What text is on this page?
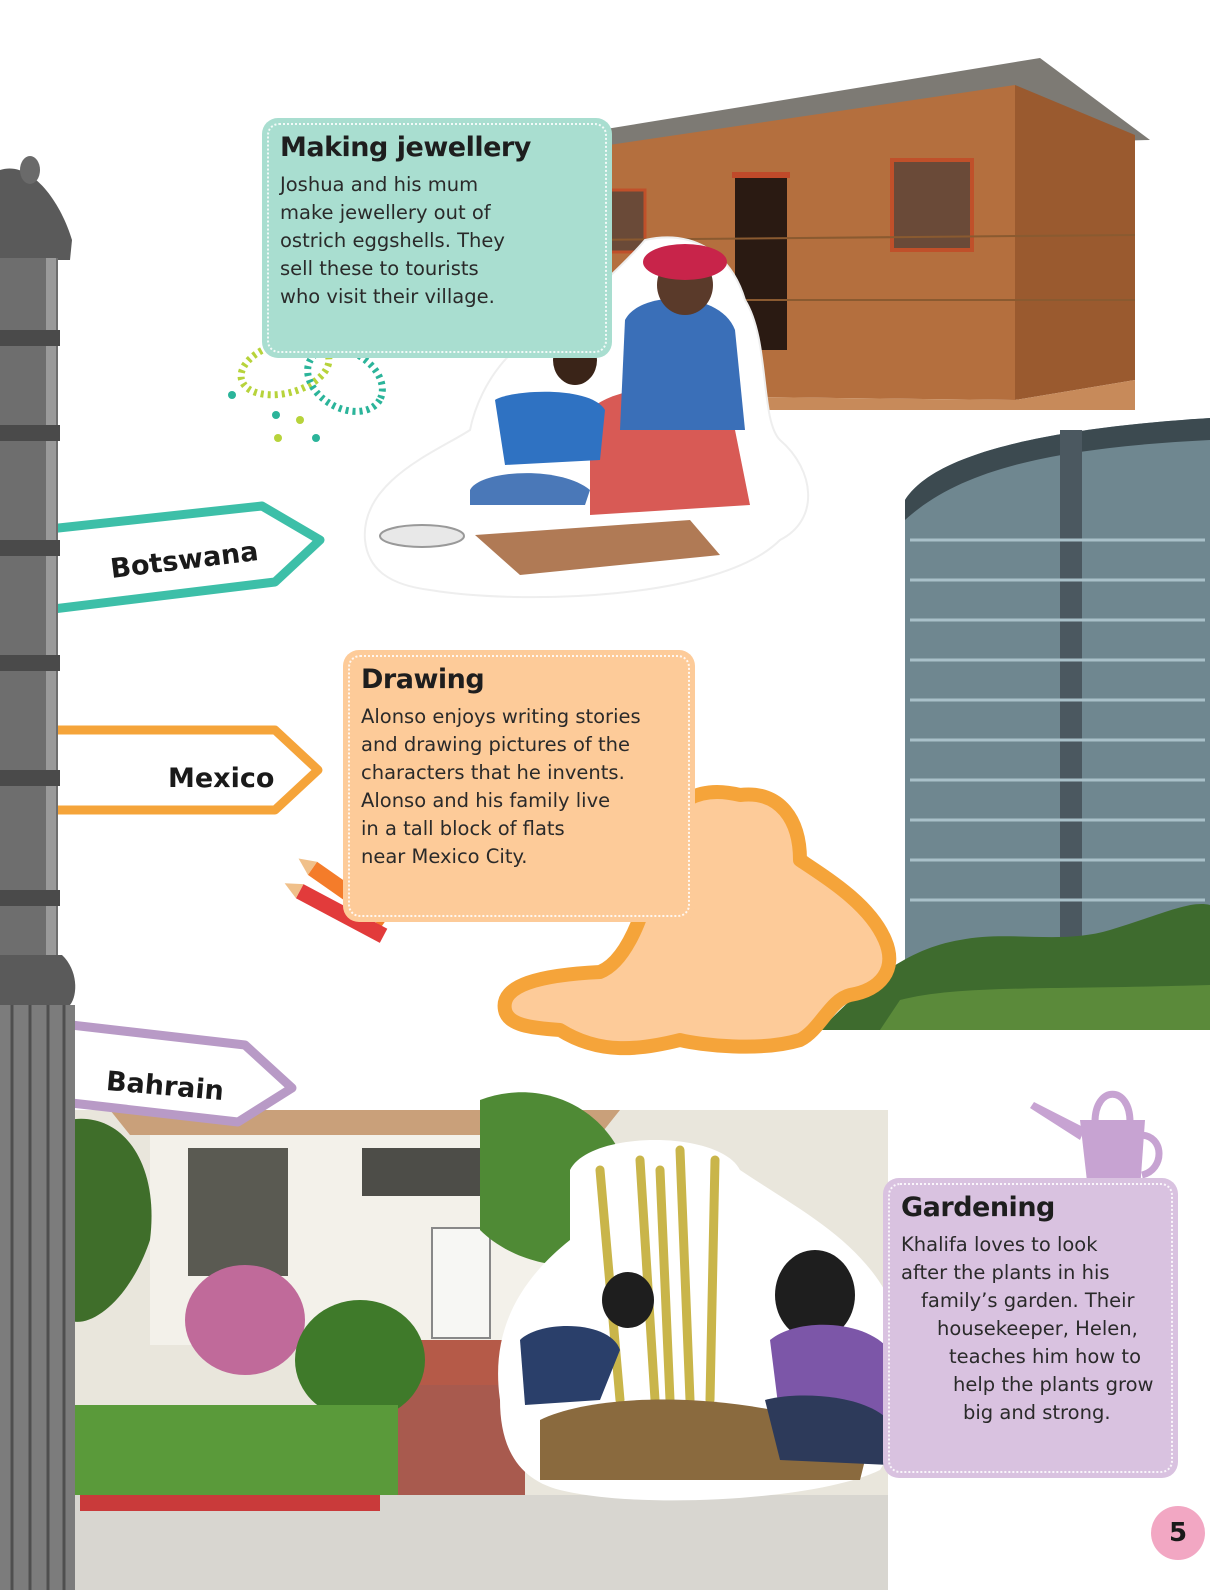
Making jewellery

Joshua and his mum
make jewellery out of
ostrich eggshells. They
sell these to tourists
who visit their village.

Drawing

Alonso enjoys writing stories
and drawing pictures of the
characters that he invents.
Alonso and his family live
in a tall block of flats
near Mexico City.

Gardening

Khalifa loves to look
after the plants in his
family’s garden. Their
housekeeper, Helen,
teaches him how to
help the plants grow
big and strong.

Botswana
Mexico
Bahrain
5
